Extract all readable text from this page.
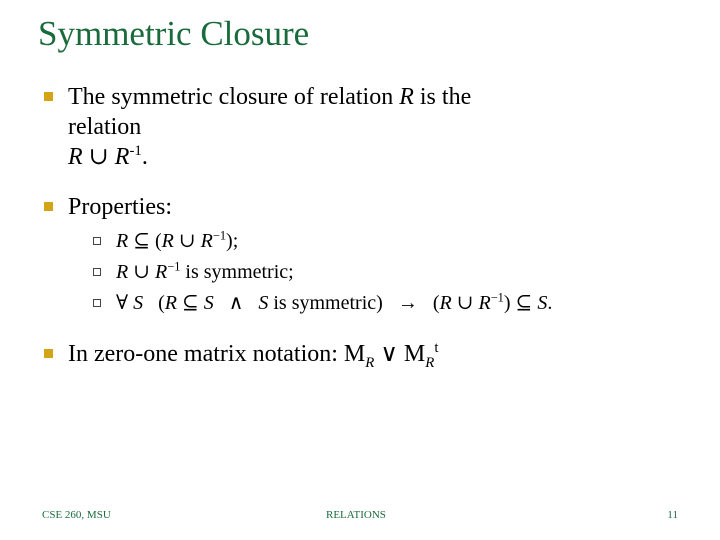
Symmetric Closure
The symmetric closure of relation R is the
relation
R ∪ $R^{-1}$.
Properties:
R ⊆ (R ∪ $R^{-1}$);
R ∪ $R^{-1}$ is symmetric;
∀ S (R ⊆ S ∧ S is symmetric) → (R ∪ $R^{-1}$) ⊆ S.
In zero-one matrix notation: $M_R$ ∨ $M_R^t$
CSE 260, MSU	RELATIONS	11
